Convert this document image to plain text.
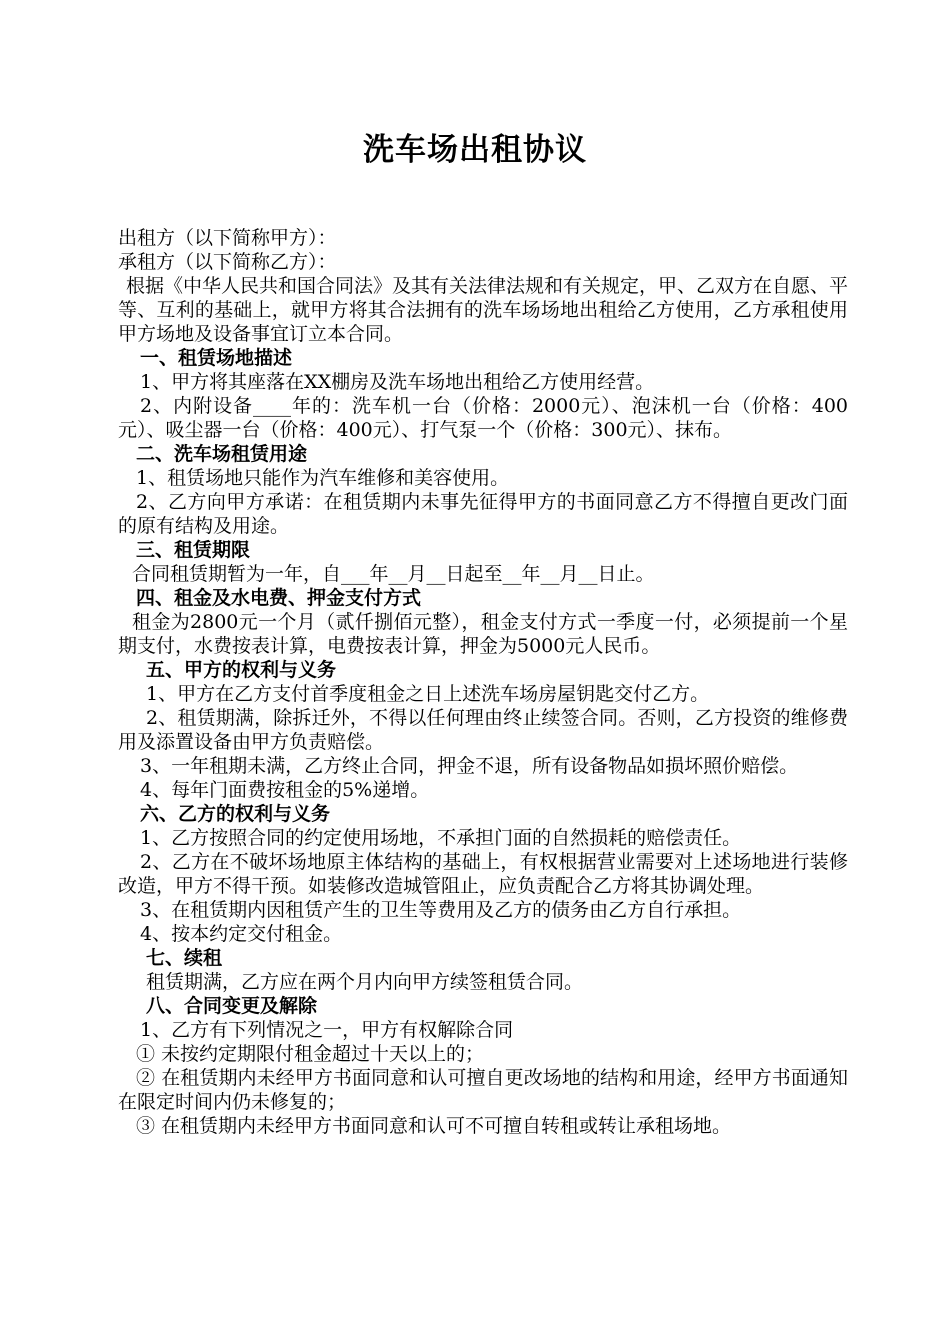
洗车场出租协议
出租方（以下简称甲方）：
承租方（以下简称乙方）：
根据《中华人民共和国合同法》及其有关法律法规和有关规定，甲、乙双方在自愿、平等、互利的基础上，就甲方将其合法拥有的洗车场场地出租给乙方使用，乙方承租使用甲方场地及设备事宜订立本合同。
一、租赁场地描述
1、甲方将其座落在XX棚房及洗车场地出租给乙方使用经营。
2、内附设备____年的：洗车机一台（价格：2000元）、泡沫机一台（价格：400元）、吸尘器一台（价格：400元）、打气泵一个（价格：300元）、抹布。
二、洗车场租赁用途
1、租赁场地只能作为汽车维修和美容使用。
2、乙方向甲方承诺：在租赁期内未事先征得甲方的书面同意乙方不得擅自更改门面的原有结构及用途。
三、租赁期限
合同租赁期暂为一年，自___年__月__日起至__年__月__日止。
四、租金及水电费、押金支付方式
租金为2800元一个月（贰仟捌佰元整），租金支付方式一季度一付，必须提前一个星期支付，水费按表计算，电费按表计算，押金为5000元人民币。
五、甲方的权利与义务
1、甲方在乙方支付首季度租金之日上述洗车场房屋钥匙交付乙方。
2、租赁期满，除拆迁外，不得以任何理由终止续签合同。否则，乙方投资的维修费用及添置设备由甲方负责赔偿。
3、一年租期未满，乙方终止合同，押金不退，所有设备物品如损坏照价赔偿。
4、每年门面费按租金的5%递增。
六、乙方的权利与义务
1、乙方按照合同的约定使用场地，不承担门面的自然损耗的赔偿责任。
2、乙方在不破坏场地原主体结构的基础上，有权根据营业需要对上述场地进行装修改造，甲方不得干预。如装修改造城管阻止，应负责配合乙方将其协调处理。
3、在租赁期内因租赁产生的卫生等费用及乙方的债务由乙方自行承担。
4、按本约定交付租金。
七、续租
租赁期满，乙方应在两个月内向甲方续签租赁合同。
八、合同变更及解除
1、乙方有下列情况之一，甲方有权解除合同
① 未按约定期限付租金超过十天以上的；
② 在租赁期内未经甲方书面同意和认可擅自更改场地的结构和用途，经甲方书面通知在限定时间内仍未修复的；
③ 在租赁期内未经甲方书面同意和认可不可擅自转租或转让承租场地。
